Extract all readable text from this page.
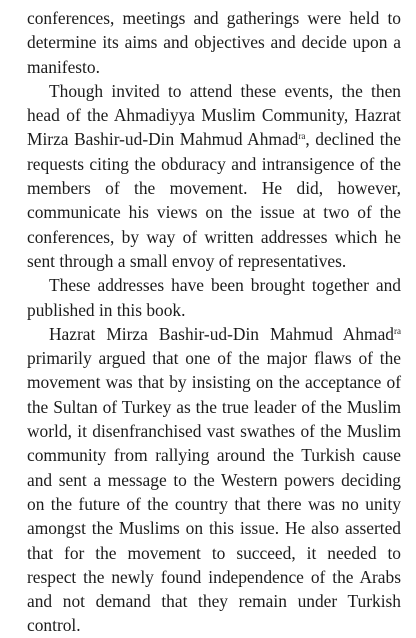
conferences, meetings and gatherings were held to determine its aims and objectives and decide upon a manifesto.

Though invited to attend these events, the then head of the Ahmadiyya Muslim Community, Hazrat Mirza Bashir-ud-Din Mahmud Ahmad$^{ra}$, declined the requests citing the obduracy and intransigence of the members of the movement. He did, however, communicate his views on the issue at two of the conferences, by way of written addresses which he sent through a small envoy of representatives.

These addresses have been brought together and published in this book.

Hazrat Mirza Bashir-ud-Din Mahmud Ahmad$^{ra}$ primarily argued that one of the major flaws of the movement was that by insisting on the acceptance of the Sultan of Turkey as the true leader of the Muslim world, it disenfranchised vast swathes of the Muslim community from rallying around the Turkish cause and sent a message to the Western powers deciding on the future of the country that there was no unity amongst the Muslims on this issue. He also asserted that for the movement to succeed, it needed to respect the newly found independence of the Arabs and not demand that they remain under Turkish control.
